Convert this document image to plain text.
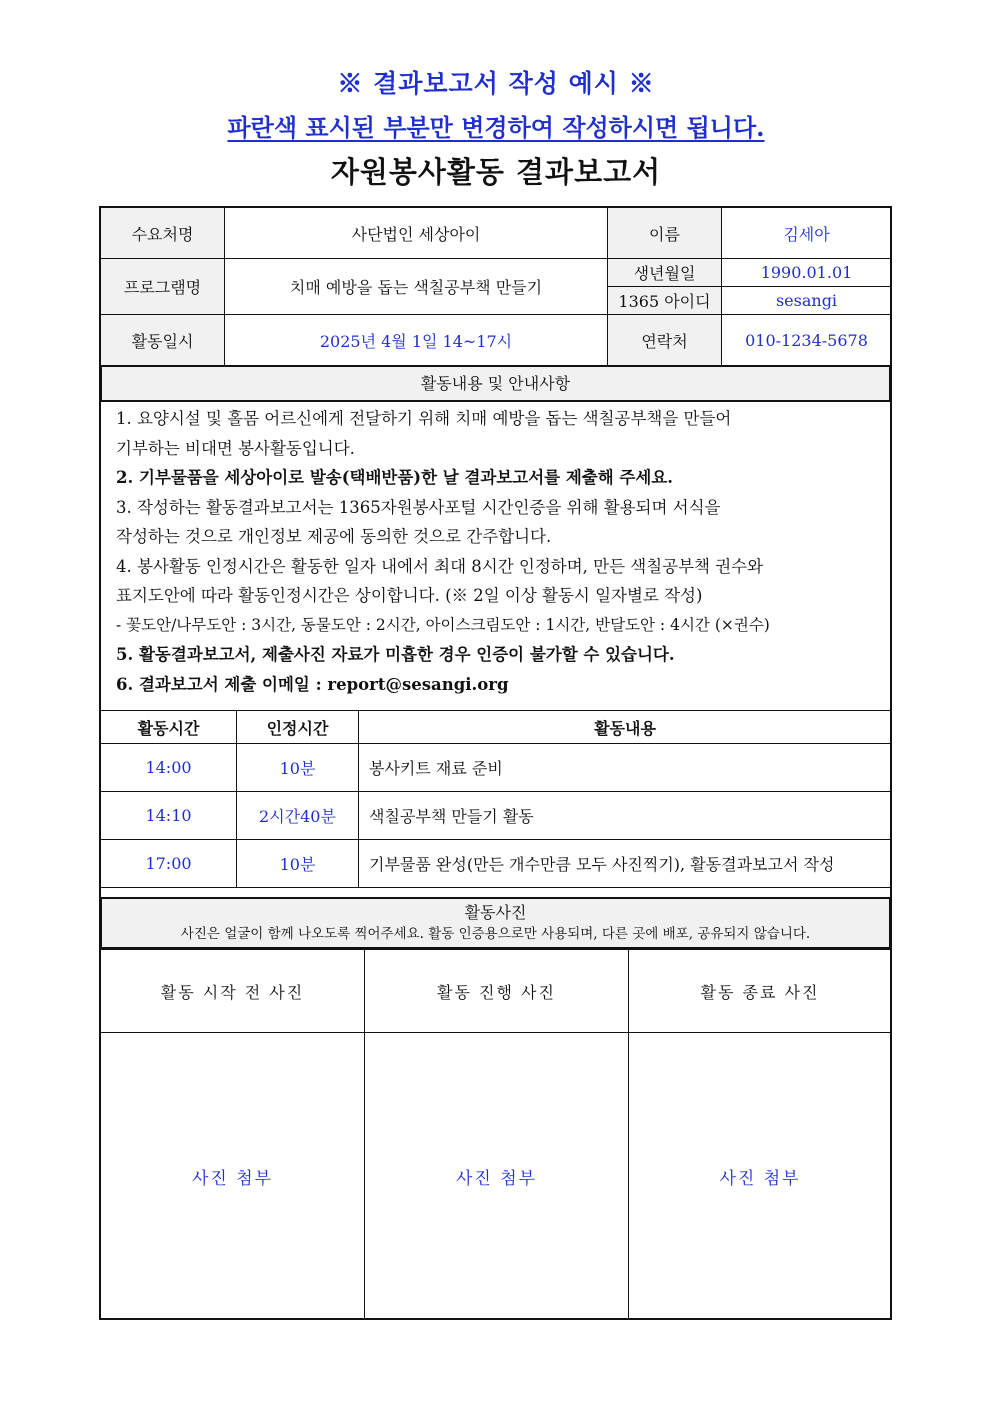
※ 결과보고서 작성 예시 ※
파란색 표시된 부분만 변경하여 작성하시면 됩니다.
자원봉사활동 결과보고서
수요처명	사단법인 세상아이	이름	김세아
프로그램명	치매 예방을 돕는 색칠공부책 만들기	생년월일	1990.01.01
		1365 아이디	sesangi
활동일시	2025년 4월 1일 14~17시	연락처	010-1234-5678
활동내용 및 안내사항

1. 요양시설 및 홀몸 어르신에게 전달하기 위해 치매 예방을 돕는 색칠공부책을 만들어

기부하는 비대면 봉사활동입니다.

2. 기부물품을 세상아이로 발송(택배반품)한 날 결과보고서를 제출해 주세요.

3. 작성하는 활동결과보고서는 1365자원봉사포털 시간인증을 위해 활용되며 서식을

작성하는 것으로 개인정보 제공에 동의한 것으로 간주합니다.

4. 봉사활동 인정시간은 활동한 일자 내에서 최대 8시간 인정하며, 만든 색칠공부책 권수와

표지도안에 따라 활동인정시간은 상이합니다. (※ 2일 이상 활동시 일자별로 작성)

- 꽃도안/나무도안 : 3시간, 동물도안 : 2시간, 아이스크림도안 : 1시간, 반달도안 : 4시간 (×권수)

5. 활동결과보고서, 제출사진 자료가 미흡한 경우 인증이 불가할 수 있습니다.

6. 결과보고서 제출 이메일 : report@sesangi.org

활동시간	인정시간	활동내용
14:00	10분	봉사키트 재료 준비
14:10	2시간40분	색칠공부책 만들기 활동
17:00	10분	기부물품 완성(만든 개수만큼 모두 사진찍기), 활동결과보고서 작성
활동사진
사진은 얼굴이 함께 나오도록 찍어주세요. 활동 인증용으로만 사용되며, 다른 곳에 배포, 공유되지 않습니다.
활동 시작 전 사진	활동 진행 사진	활동 종료 사진
사진 첨부	사진 첨부	사진 첨부
